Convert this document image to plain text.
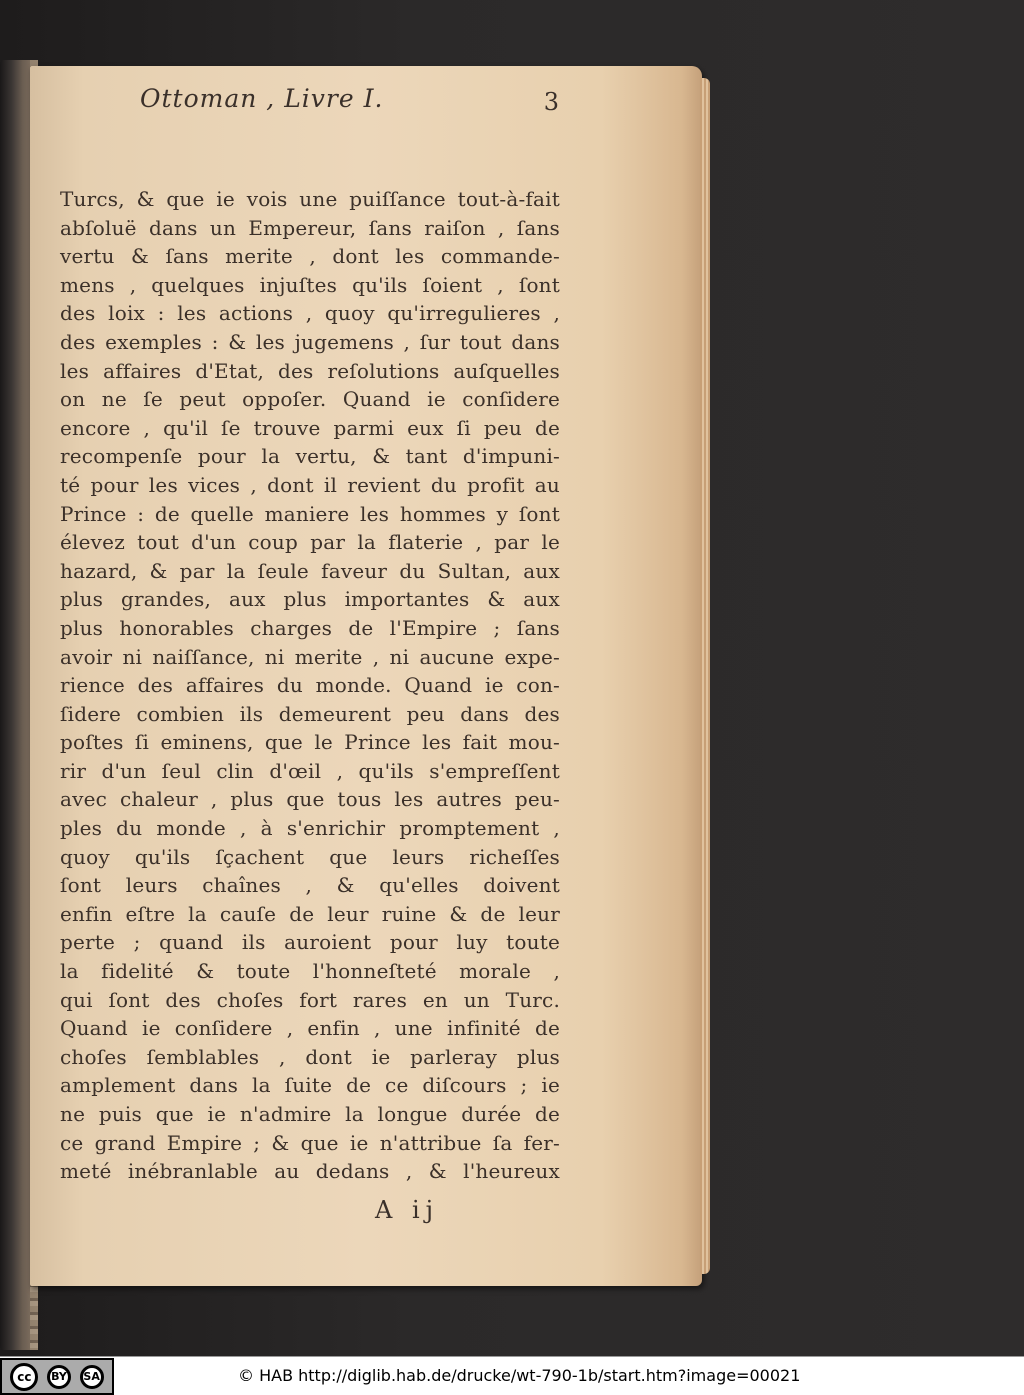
Ottoman , Livre I.	3
Turcs, & que ie vois une puiſſance tout-à-fait
abſoluë dans un Empereur, ſans raiſon , ſans
vertu & ſans merite , dont les commande-
mens , quelques injuſtes qu'ils ſoient , ſont
des loix : les actions , quoy qu'irregulieres ,
des exemples : & les jugemens , ſur tout dans
les affaires d'Etat, des reſolutions auſquelles
on ne ſe peut oppoſer. Quand ie conſidere
encore , qu'il ſe trouve parmi eux ſi peu de
recompenſe pour la vertu, & tant d'impuni-
té pour les vices , dont il revient du profit au
Prince : de quelle maniere les hommes y ſont
élevez tout d'un coup par la flaterie , par le
hazard, & par la ſeule faveur du Sultan, aux
plus grandes, aux plus importantes & aux
plus honorables charges de l'Empire ; ſans
avoir ni naiſſance, ni merite , ni aucune expe-
rience des affaires du monde. Quand ie con-
ſidere combien ils demeurent peu dans des
poſtes ſi eminens, que le Prince les fait mou-
rir d'un ſeul clin d'œil , qu'ils s'empreſſent
avec chaleur , plus que tous les autres peu-
ples du monde , à s'enrichir promptement ,
quoy qu'ils ſçachent que leurs richeſſes
ſont leurs chaînes , & qu'elles doivent
enfin eſtre la cauſe de leur ruine & de leur
perte ; quand ils auroient pour luy toute
la fidelité & toute l'honneſteté morale ,
qui ſont des choſes fort rares en un Turc.
Quand ie conſidere , enfin , une infinité de
choſes ſemblables , dont ie parleray plus
amplement dans la ſuite de ce diſcours ; ie
ne puis que ie n'admire la longue durée de
ce grand Empire ; & que ie n'attribue ſa fer-
meté inébranlable au dedans , & l'heureux
A ij
cc	BY	SA	© HAB http://diglib.hab.de/drucke/wt-790-1b/start.htm?image=00021
